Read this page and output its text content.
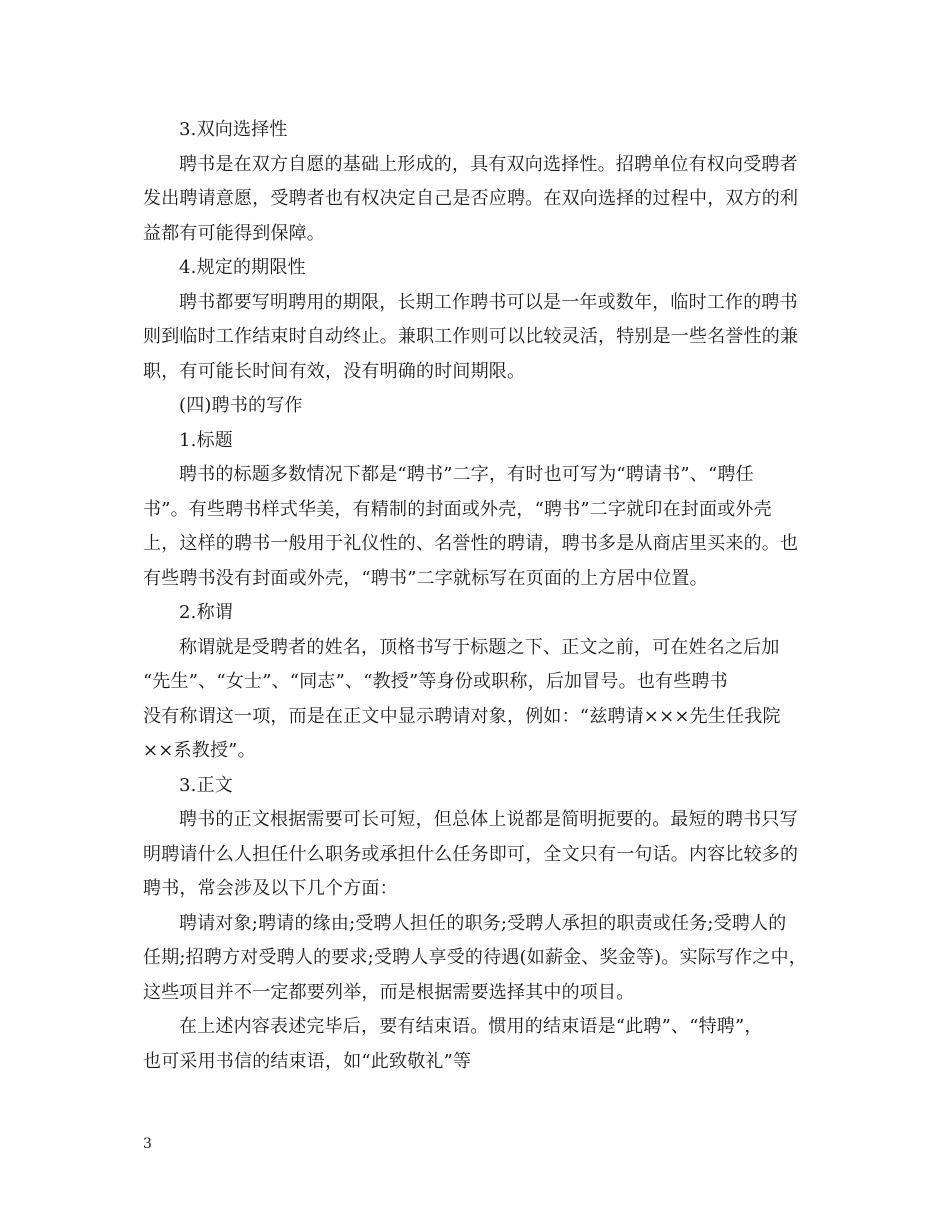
3.双向选择性
聘书是在双方自愿的基础上形成的，具有双向选择性。招聘单位有权向受聘者
发出聘请意愿，受聘者也有权决定自己是否应聘。在双向选择的过程中，双方的利
益都有可能得到保障。
4.规定的期限性
聘书都要写明聘用的期限，长期工作聘书可以是一年或数年，临时工作的聘书
则到临时工作结束时自动终止。兼职工作则可以比较灵活，特别是一些名誉性的兼
职，有可能长时间有效，没有明确的时间期限。
(四)聘书的写作
1.标题
聘书的标题多数情况下都是“聘书”二字，有时也可写为“聘请书”、“聘任
书”。有些聘书样式华美，有精制的封面或外壳，“聘书”二字就印在封面或外壳
上，这样的聘书一般用于礼仪性的、名誉性的聘请，聘书多是从商店里买来的。也
有些聘书没有封面或外壳，“聘书”二字就标写在页面的上方居中位置。
2.称谓
称谓就是受聘者的姓名，顶格书写于标题之下、正文之前，可在姓名之后加
“先生”、“女士”、“同志”、“教授”等身份或职称，后加冒号。也有些聘书
没有称谓这一项，而是在正文中显示聘请对象，例如：“兹聘请×××先生任我院
××系教授”。
3.正文
聘书的正文根据需要可长可短，但总体上说都是简明扼要的。最短的聘书只写
明聘请什么人担任什么职务或承担什么任务即可，全文只有一句话。内容比较多的
聘书，常会涉及以下几个方面：
聘请对象;聘请的缘由;受聘人担任的职务;受聘人承担的职责或任务;受聘人的
任期;招聘方对受聘人的要求;受聘人享受的待遇(如薪金、奖金等)。实际写作之中，
这些项目并不一定都要列举，而是根据需要选择其中的项目。
在上述内容表述完毕后，要有结束语。惯用的结束语是“此聘”、“特聘”，
也可采用书信的结束语，如“此致敬礼”等
3
